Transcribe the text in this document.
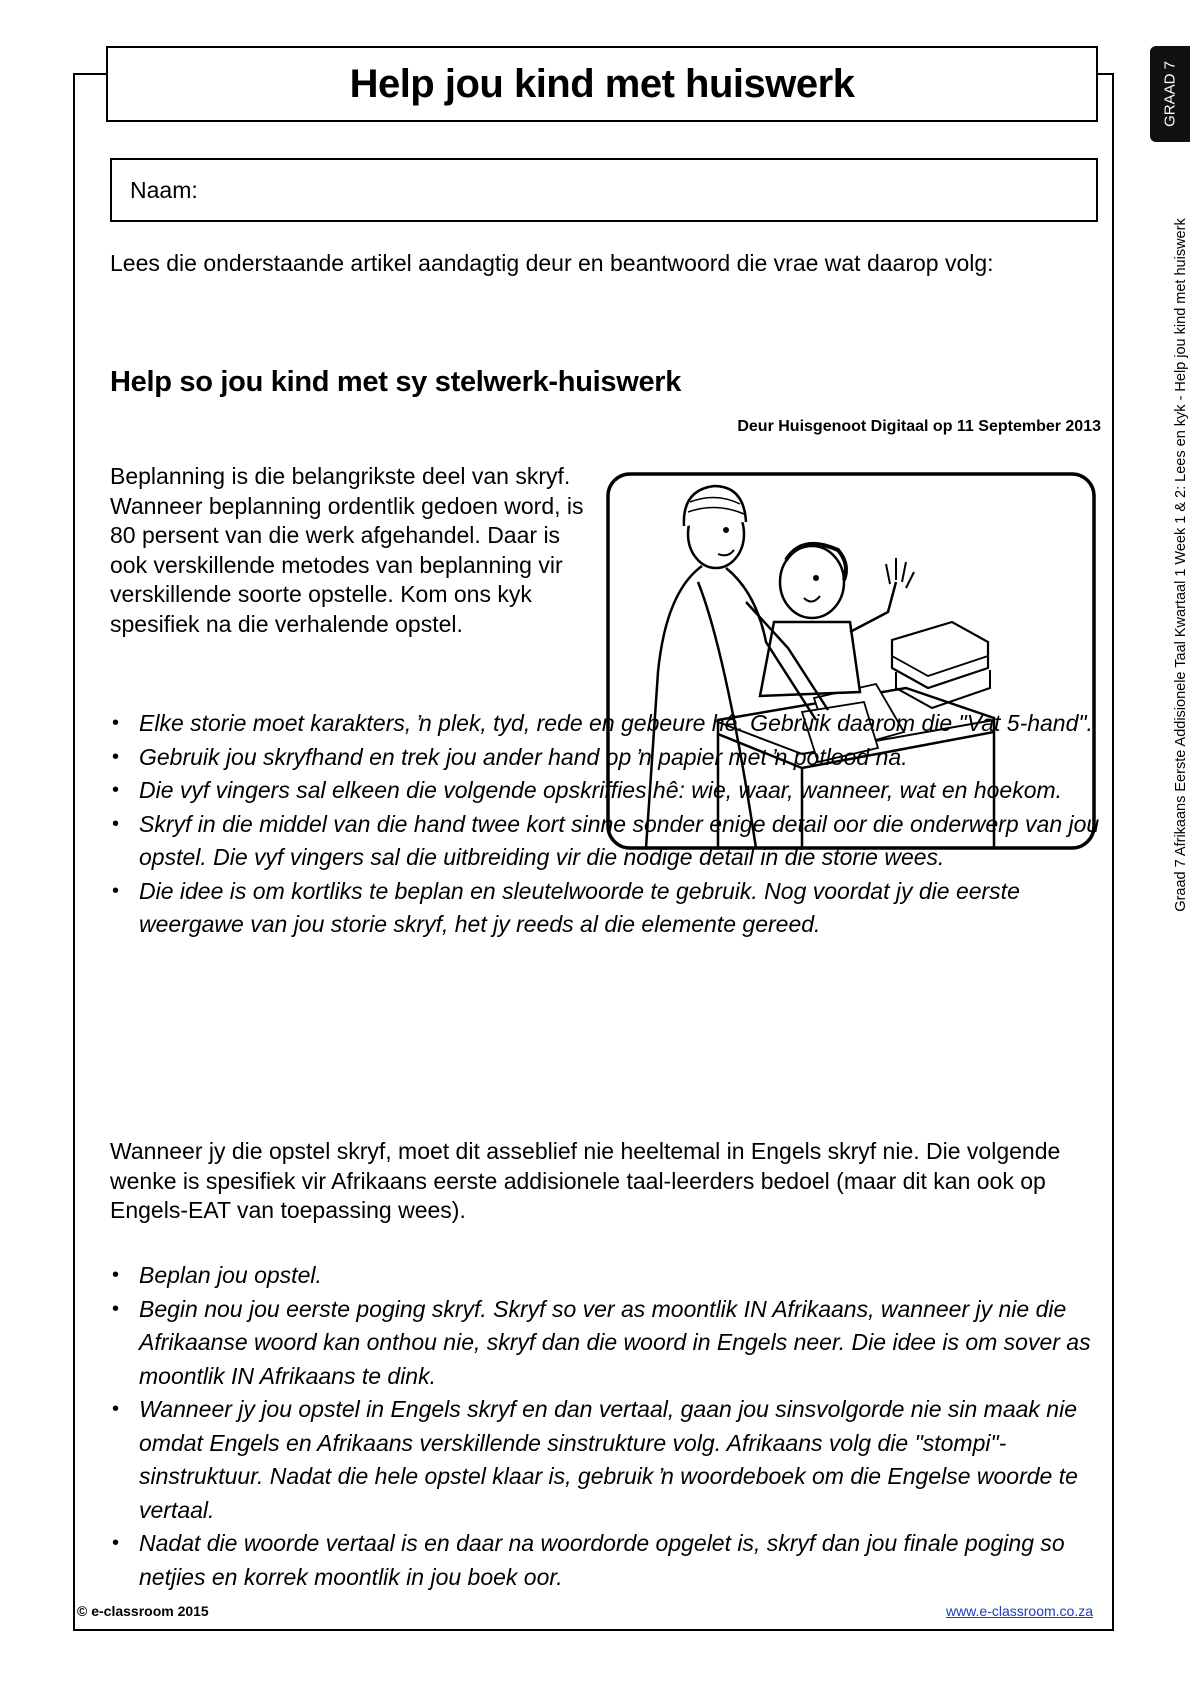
Help jou kind met huiswerk
Naam:
Lees die onderstaande artikel aandagtig deur en beantwoord die vrae wat daarop volg:
Help so jou kind met sy stelwerk-huiswerk
Deur Huisgenoot Digitaal op 11 September 2013
Beplanning is die belangrikste deel van skryf. Wanneer beplanning ordentlik gedoen word, is 80 persent van die werk afgehandel. Daar is ook verskillende metodes van beplanning vir verskillende soorte opstelle. Kom ons kyk spesifiek na die verhalende opstel.
• Elke storie moet karakters, ŉ plek, tyd, rede en gebeure hê. Gebruik daarom die "Vat 5-hand".
• Gebruik jou skryfhand en trek jou ander hand op ŉ papier met ŉ potlood na.
• Die vyf vingers sal elkeen die volgende opskriffies hê: wie, waar, wanneer, wat en hoekom.
• Skryf in die middel van die hand twee kort sinne sonder enige detail oor die onderwerp van jou opstel. Die vyf vingers sal die uitbreiding vir die nodige detail in die storie wees.
• Die idee is om kortliks te beplan en sleutelwoorde te gebruik. Nog voordat jy die eerste weergawe van jou storie skryf, het jy reeds al die elemente gereed.
Wanneer jy die opstel skryf, moet dit asseblief nie heeltemal in Engels skryf nie. Die volgende wenke is spesifiek vir Afrikaans eerste addisionele taal-leerders bedoel (maar dit kan ook op Engels-EAT van toepassing wees).
• Beplan jou opstel.
• Begin nou jou eerste poging skryf. Skryf so ver as moontlik IN Afrikaans, wanneer jy nie die Afrikaanse woord kan onthou nie, skryf dan die woord in Engels neer. Die idee is om sover as moontlik IN Afrikaans te dink.
• Wanneer jy jou opstel in Engels skryf en dan vertaal, gaan jou sinsvolgorde nie sin maak nie omdat Engels en Afrikaans verskillende sinstrukture volg. Afrikaans volg die "stompi"-sinstruktuur. Nadat die hele opstel klaar is, gebruik ŉ woordeboek om die Engelse woorde te vertaal.
• Nadat die woorde vertaal is en daar na woordorde opgelet is, skryf dan jou finale poging so netjies en korrek moontlik in jou boek oor.
© e-classroom 2015	www.e-classroom.co.za
GRAAD 7
Graad 7 Afrikaans Eerste Addisionele Taal Kwartaal 1 Week 1 & 2: Lees en kyk - Help jou kind met huiswerk
